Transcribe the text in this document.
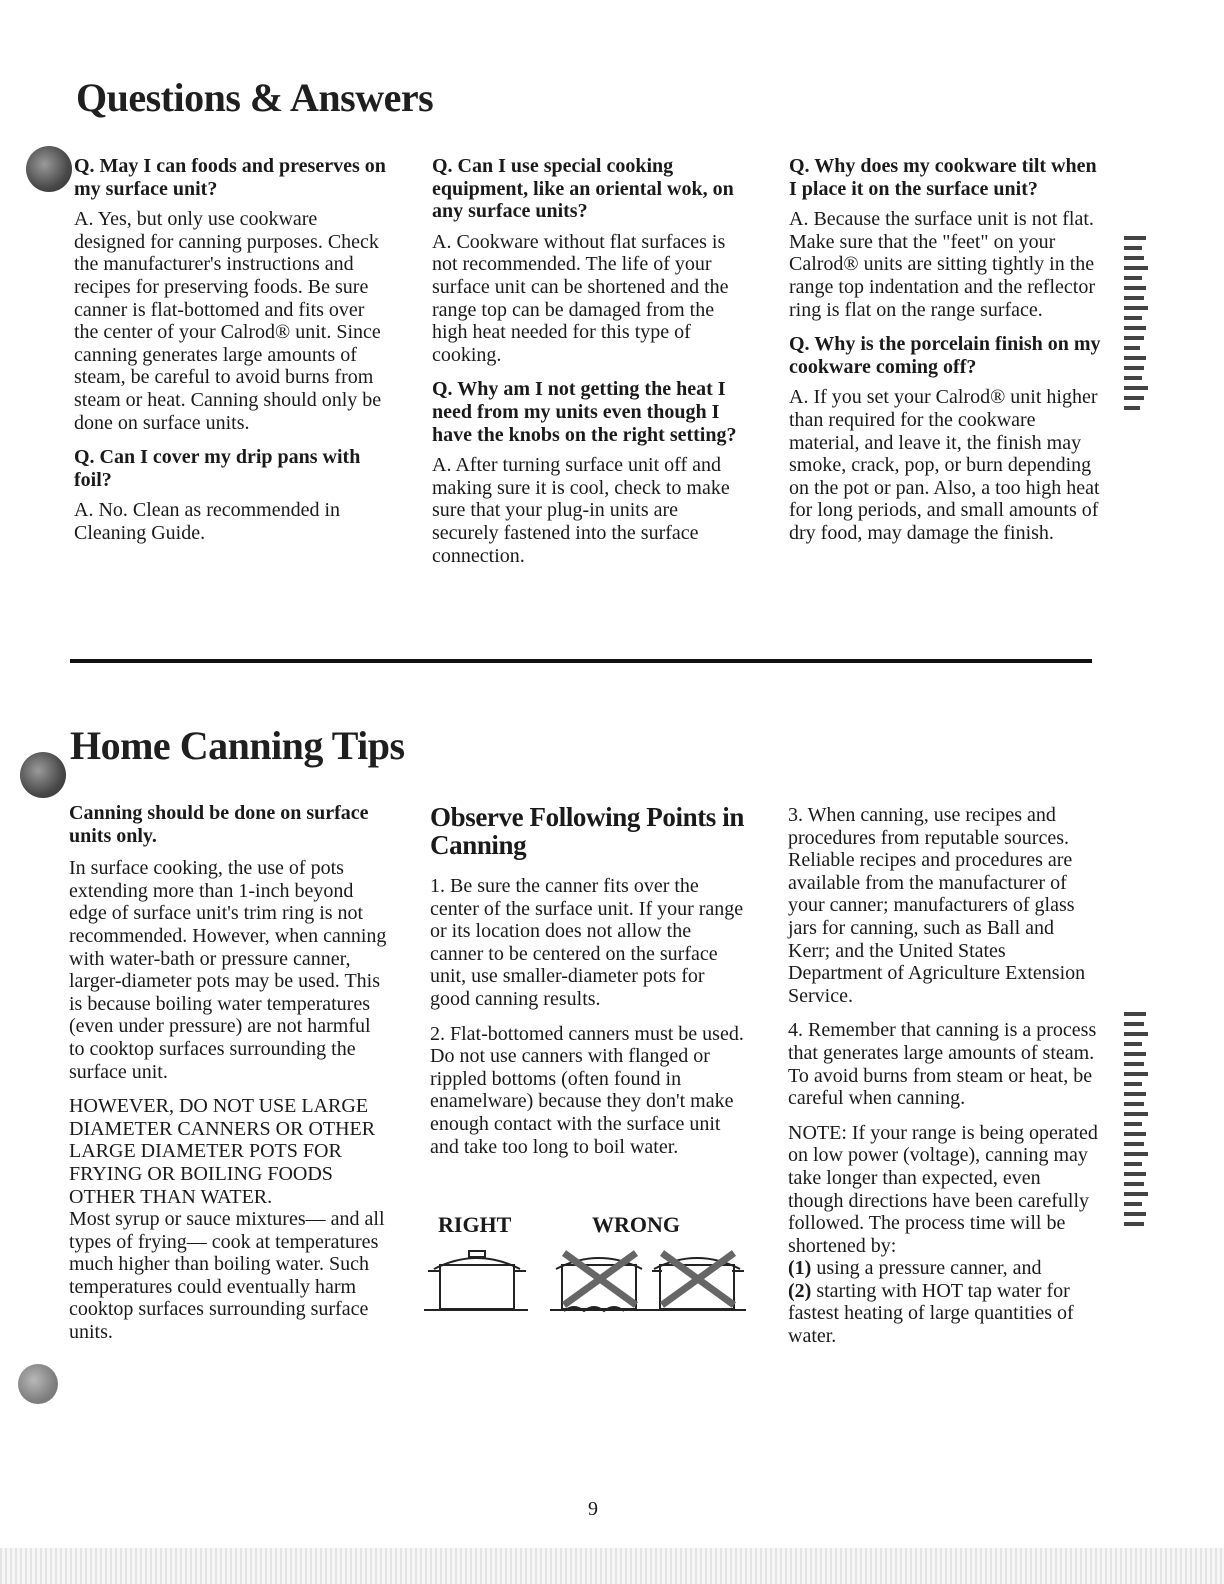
Questions & Answers

Q. May I can foods and preserves on my surface unit?

A. Yes, but only use cookware designed for canning purposes. Check the manufacturer's instructions and recipes for preserving foods. Be sure canner is flat-bottomed and fits over the center of your Calrod® unit. Since canning generates large amounts of steam, be careful to avoid burns from steam or heat. Canning should only be done on surface units.

Q. Can I cover my drip pans with foil?

A. No. Clean as recommended in Cleaning Guide.

Q. Can I use special cooking equipment, like an oriental wok, on any surface units?

A. Cookware without flat surfaces is not recommended. The life of your surface unit can be shortened and the range top can be damaged from the high heat needed for this type of cooking.

Q. Why am I not getting the heat I need from my units even though I have the knobs on the right setting?

A. After turning surface unit off and making sure it is cool, check to make sure that your plug-in units are securely fastened into the surface connection.

Q. Why does my cookware tilt when I place it on the surface unit?

A. Because the surface unit is not flat. Make sure that the "feet" on your Calrod® units are sitting tightly in the range top indentation and the reflector ring is flat on the range surface.

Q. Why is the porcelain finish on my cookware coming off?

A. If you set your Calrod® unit higher than required for the cookware material, and leave it, the finish may smoke, crack, pop, or burn depending on the pot or pan. Also, a too high heat for long periods, and small amounts of dry food, may damage the finish.

Home Canning Tips

Canning should be done on surface units only.

In surface cooking, the use of pots extending more than 1-inch beyond edge of surface unit's trim ring is not recommended. However, when canning with water-bath or pressure canner, larger-diameter pots may be used. This is because boiling water temperatures (even under pressure) are not harmful to cooktop surfaces surrounding the surface unit.

HOWEVER, DO NOT USE LARGE DIAMETER CANNERS OR OTHER LARGE DIAMETER POTS FOR FRYING OR BOILING FOODS OTHER THAN WATER.

Most syrup or sauce mixtures— and all types of frying— cook at temperatures much higher than boiling water. Such temperatures could eventually harm cooktop surfaces surrounding surface units.

Observe Following Points in Canning

1. Be sure the canner fits over the center of the surface unit. If your range or its location does not allow the canner to be centered on the surface unit, use smaller-diameter pots for good canning results.

2. Flat-bottomed canners must be used. Do not use canners with flanged or rippled bottoms (often found in enamelware) because they don't make enough contact with the surface unit and take too long to boil water.

RIGHT	WRONG

3. When canning, use recipes and procedures from reputable sources. Reliable recipes and procedures are available from the manufacturer of your canner; manufacturers of glass jars for canning, such as Ball and Kerr; and the United States Department of Agriculture Extension Service.

4. Remember that canning is a process that generates large amounts of steam. To avoid burns from steam or heat, be careful when canning.

NOTE: If your range is being operated on low power (voltage), canning may take longer than expected, even though directions have been carefully followed. The process time will be shortened by:

(1) using a pressure canner, and

(2) starting with HOT tap water for fastest heating of large quantities of water.

9
